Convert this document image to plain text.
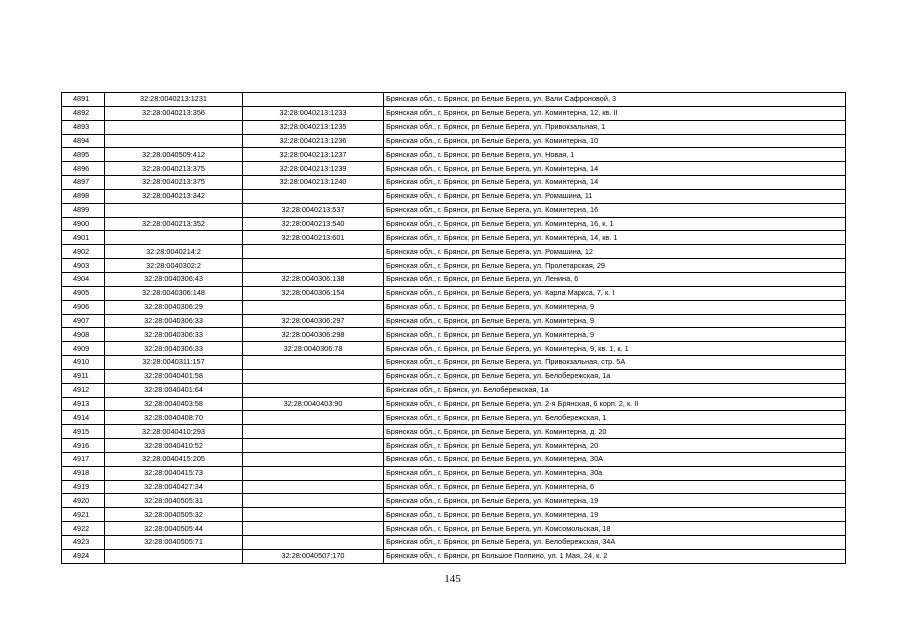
4891	32:28:0040213:1231		Брянская обл., г. Брянск, рп Белые Берега, ул. Вали Сафроновой, 3
4892	32:28:0040213:356	32:28:0040213:1233	Брянская обл., г. Брянск, рп Белые Берега, ул. Коминтерна, 12, кв. II
4893		32:28:0040213:1235	Брянская обл., г. Брянск, рп Белые Берега, ул. Привокзальная, 1
4894		32:28:0040213:1236	Брянская обл., г. Брянск, рп Белые Берега, ул. Коминтерна, 10
4895	32:28:0040509:412	32:28:0040213:1237	Брянская обл., г. Брянск, рп Белые Берега, ул. Новая, 1
4896	32:28:0040213:375	32:28:0040213:1239	Брянская обл., г. Брянск, рп Белые Берега, ул. Коминтерна, 14
4897	32:28:0040213:375	32:28:0040213:1240	Брянская обл., г. Брянск, рп Белые Берега, ул. Коминтерна, 14
4898	32:28:0040213:342		Брянская обл., г. Брянск, рп Белые Берега, ул. Ромашина, 11
4899		32:28:0040213:537	Брянская обл., г. Брянск, рп Белые Берега, ул. Коминтерна, 16
4900	32:28:0040213:352	32:28:0040213:540	Брянская обл., г. Брянск, рп Белые Берега, ул. Коминтерна, 16, к. 1
4901		32:28:0040213:601	Брянская обл., г. Брянск, рп Белые Берега, ул. Коминтерна, 14, кв. 1
4902	32:28:0040214:2		Брянская обл., г. Брянск, рп Белые Берега, ул. Ромашина, 12
4903	32:28:0040302:2		Брянская обл., г. Брянск, рп Белые Берега, ул. Пролетарская, 29
4904	32:28:0040306:43	32:28:0040306:138	Брянская обл., г. Брянск, рп Белые Берега, ул. Ленина, 6
4905	32:28:0040306:148	32:28:0040306:154	Брянская обл., г. Брянск, рп Белые Берега, ул. Карла Маркса, 7, к. I
4906	32:28:0040306:29		Брянская обл., г. Брянск, рп Белые Берега, ул. Коминтерна, 9
4907	32:28:0040306:33	32:28:0040306:297	Брянская обл., г. Брянск, рп Белые Берега, ул. Коминтерна, 9
4908	32:28:0040306:33	32:28:0040306:298	Брянская обл., г. Брянск, рп Белые Берега, ул. Коминтерна, 9
4909	32:28:0040306:33	32:28:0040306:78	Брянская обл., г. Брянск, рп Белые Берега, ул. Коминтерна, 9, кв. 1, к. 1
4910	32:28:0040311:157		Брянская обл., г. Брянск, рп Белые Берега, ул. Привокзальная, стр. 5А
4911	32:28:0040401:58		Брянская обл., г. Брянск, рп Белые Берега, ул. Белобережская, 1а
4912	32:28:0040401:64		Брянская обл., г. Брянск, ул. Белобережская, 1а
4913	32:28:0040403:58	32:28:0040403:90	Брянская обл., г. Брянск, рп Белые Берега, ул. 2-я Брянская, 6 корп. 2, к. II
4914	32:28:0040408:70		Брянская обл., г. Брянск, рп Белые Берега, ул. Белобережская, 1
4915	32:28:0040410:293		Брянская обл., г. Брянск, рп Белые Берега, ул. Коминтерна, д. 20
4916	32:28:0040410:52		Брянская обл., г. Брянск, рп Белые Берега, ул. Коминтерна, 20
4917	32:28:0040415:205		Брянская обл., г. Брянск, рп Белые Берега, ул. Коминтерна, 30А
4918	32:28:0040415:73		Брянская обл., г. Брянск, рп Белые Берега, ул. Коминтерна, 30а
4919	32:28:0040427:34		Брянская обл., г. Брянск, рп Белые Берега, ул. Коминтерна, 6
4920	32:28:0040505:31		Брянская обл., г. Брянск, рп Белые Берега, ул. Коминтерна, 19
4921	32:28:0040505:32		Брянская обл., г. Брянск, рп Белые Берега, ул. Коминтерна, 19
4922	32:28:0040505:44		Брянская обл., г. Брянск, рп Белые Берега, ул. Комсомольская, 18
4923	32:28:0040505:71		Брянская обл., г. Брянск, рп Белые Берега, ул. Белобережская, 34А
4924		32:28:0040507:170	Брянская обл., г. Брянск, рп Большое Полпино, ул. 1 Мая, 24, к. 2
145
